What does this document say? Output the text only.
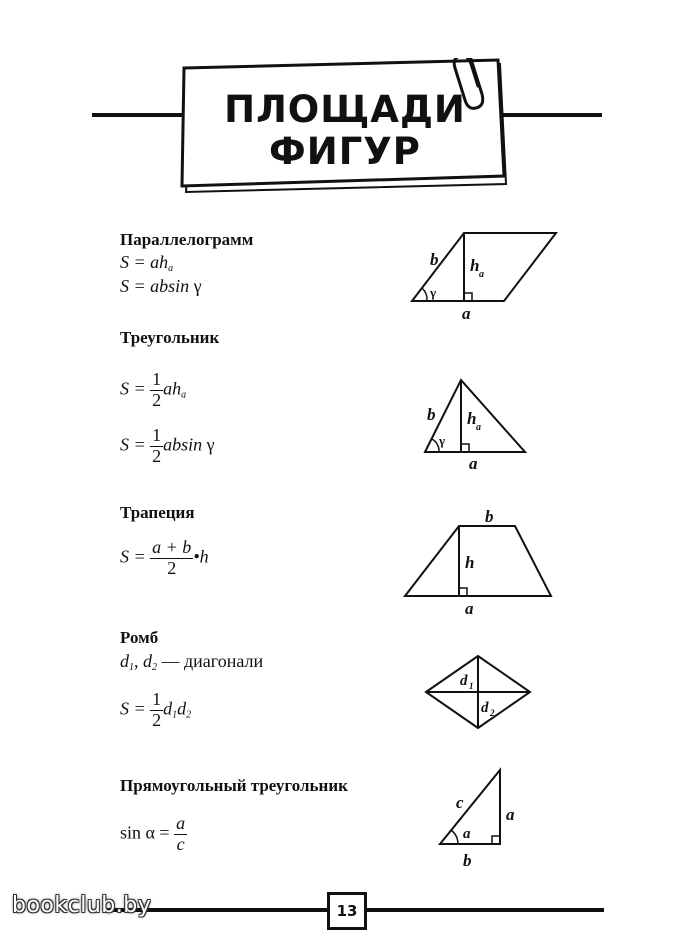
ПЛОЩАДИ
ФИГУР
Параллелограмм
$S = ah_a$
S = absin γ
b h a
γ
a
Треугольник
$S = \frac{1}{2} ah_a$
$S = \frac{1}{2}$ absin γ
b h a
γ
a
Трапеция
$S = \frac{a + b}{2}$ •h
b
h
a
Ромб
$d_1$, $d_2$ — диагонали
$S = \frac{1}{2} d_1d_2$
d 1
d 2
Прямоугольный треугольник
$\sin \alpha = \frac{a}{c}$
c
a
a
b
13
bookclub.by
